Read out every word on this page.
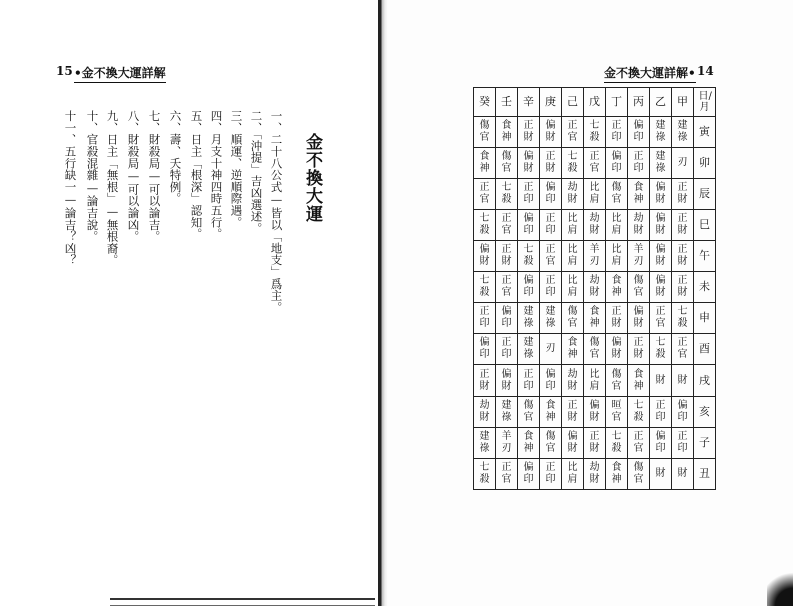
15 •金不換大運詳解
金不換大運
一、二十八公式—皆以「地支」爲主。
二、「沖提」吉凶選述。
三、順運、逆順際遇。
四、月支十神四時五行。
五、日主「根深」認知。
六、壽、夭特例。
七、財殺局—可以論吉。
八、財殺局—可以論凶。
九、日主「無根」—無根裔。
十、官殺混雜—論吉說。
十一、五行缺一—論吉？凶？
金不換大運詳解• 14
癸	壬	辛	庚	己	戊	丁	丙	乙	甲	日/月
傷官	食神	正財	偏財	正官	七殺	正印	偏印	建祿	建祿	寅
食神	傷官	偏財	正財	七殺	正官	偏印	正印	建祿	刃	卯
正官	七殺	正印	偏印	劫財	比肩	傷官	食神	偏財	正財	辰
七殺	正官	偏印	正印	比肩	劫財	比肩	劫財	偏財	正財	巳
偏財	正財	七殺	正官	比肩	羊刃	比肩	羊刃	偏財	正財	午
七殺	正官	偏印	正印	比肩	劫財	食神	傷官	偏財	正財	未
正印	偏印	建祿	建祿	傷官	食神	正財	偏財	正官	七殺	申
偏印	正印	建祿	刃	食神	傷官	偏財	正財	七殺	正官	酉
正財	偏財	正印	偏印	劫財	比肩	傷官	食神	財	財	戌
劫財	建祿	傷官	食神	正財	偏財	晅官	七殺	正印	偏印	亥
建祿	羊刃	食神	傷官	偏財	正財	七殺	正官	偏印	正印	子
七殺	正官	偏印	正印	比肩	劫財	食神	傷官	財	財	丑
